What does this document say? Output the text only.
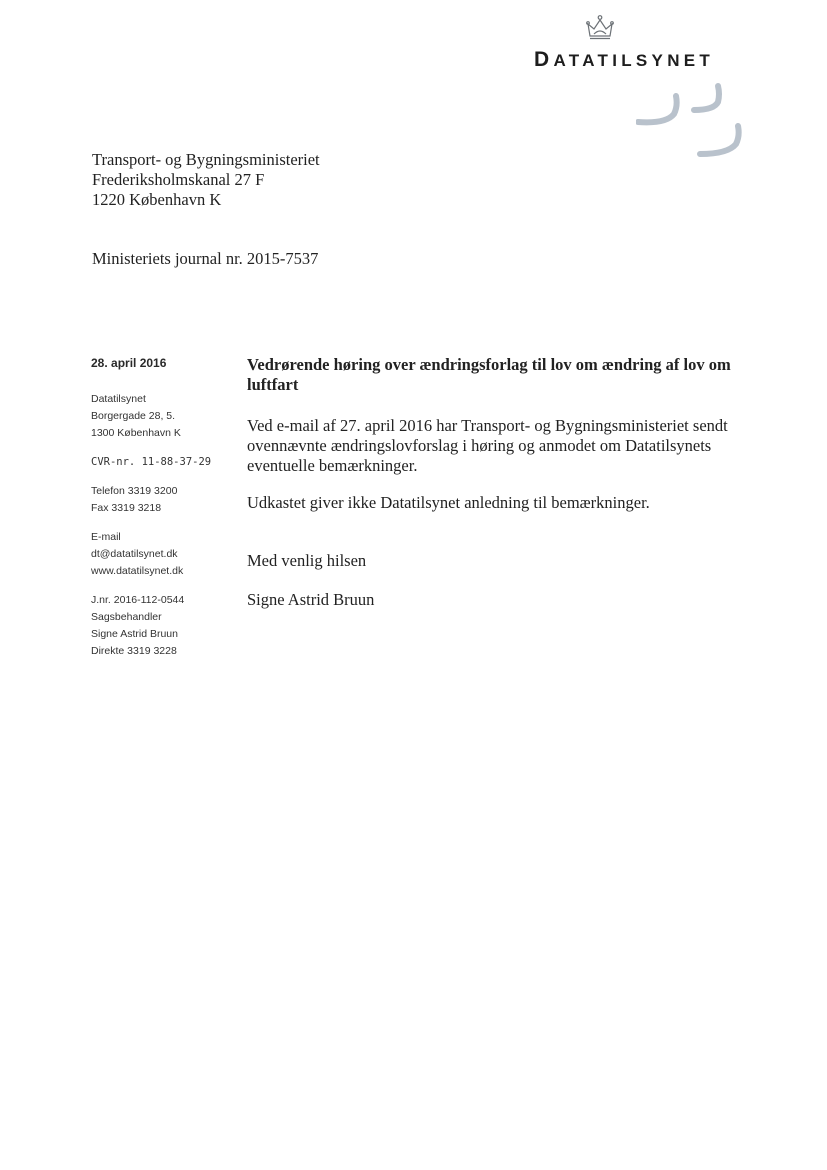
DATATILSYNET
Transport- og Bygningsministeriet
Frederiksholmskanal 27 F
1220 København K
Ministeriets journal nr. 2015-7537
28. april 2016
Datatilsynet
Borgergade 28, 5.
1300 København K
CVR-nr. 11-88-37-29
Telefon 3319 3200
Fax 3319 3218
E-mail
dt@datatilsynet.dk
www.datatilsynet.dk
J.nr. 2016-112-0544
Sagsbehandler
Signe Astrid Bruun
Direkte 3319 3228

Vedrørende høring over ændringsforlag til lov om ændring af lov om luftfart

Ved e-mail af 27. april 2016 har Transport- og Bygningsministeriet sendt ovennævnte ændringslovforslag i høring og anmodet om Datatilsynets eventuelle bemærkninger.

Udkastet giver ikke Datatilsynet anledning til bemærkninger.

Med venlig hilsen

Signe Astrid Bruun
